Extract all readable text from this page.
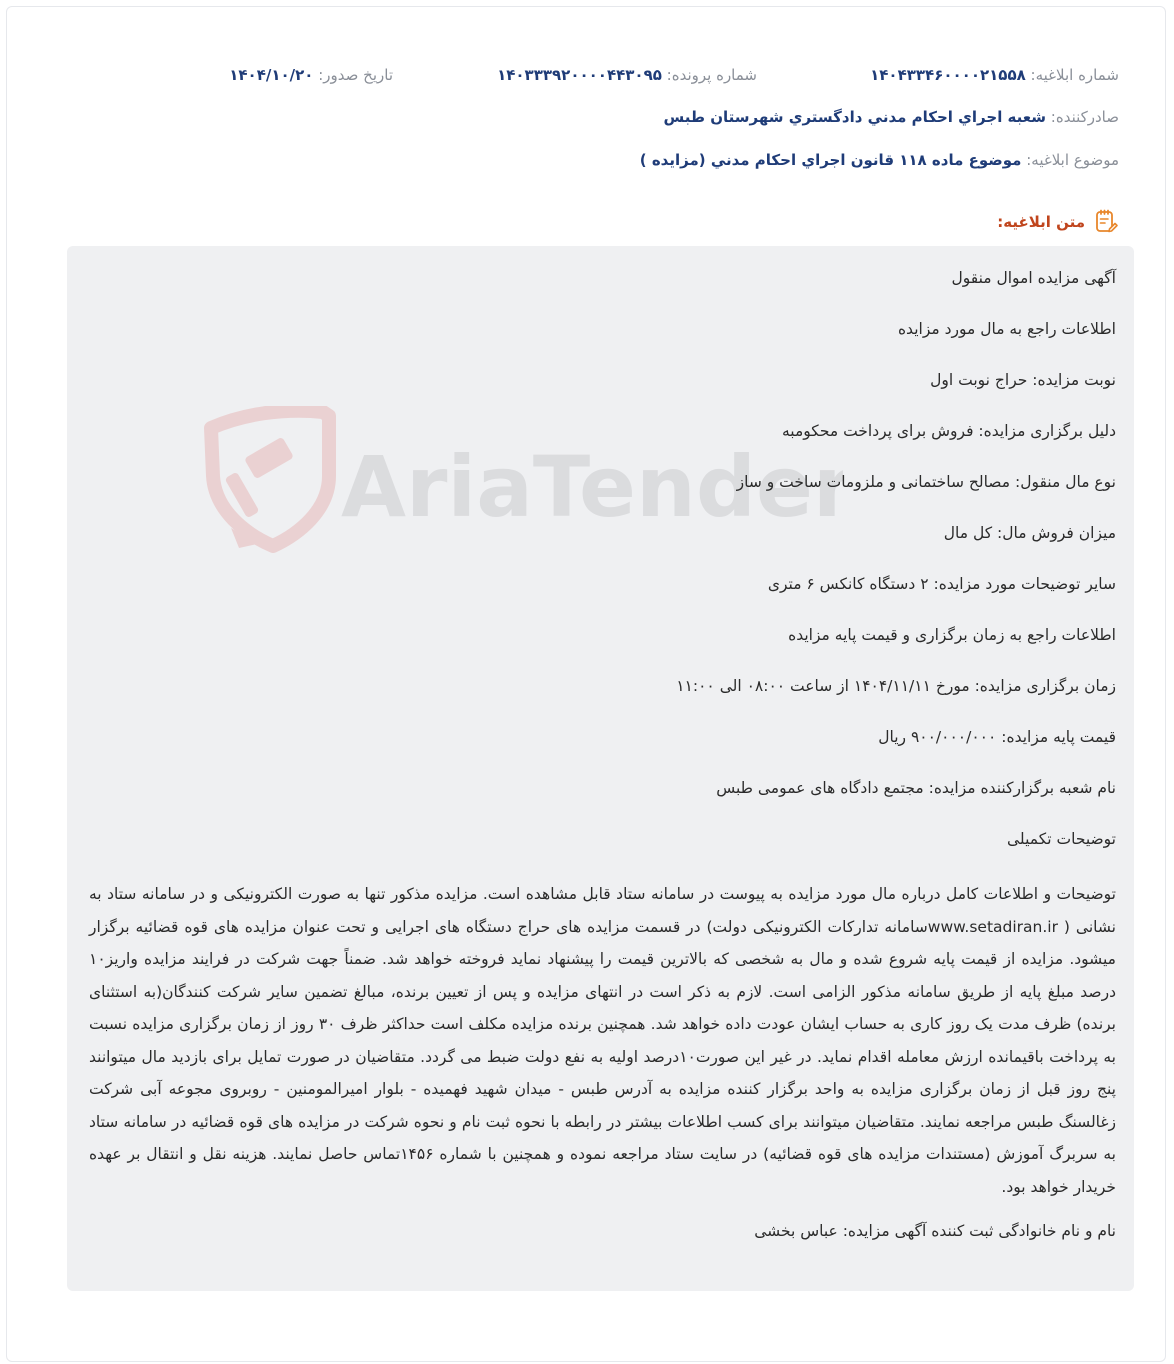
شماره ابلاغیه: ۱۴۰۴۳۳۴۶۰۰۰۰۲۱۵۵۸
شماره پرونده: ۱۴۰۳۳۳۹۲۰۰۰۰۴۴۳۰۹۵
تاریخ صدور: ۱۴۰۴/۱۰/۲۰
صادرکننده: شعبه اجراي احکام مدني دادگستري شهرستان طبس
موضوع ابلاغیه: موضوع ماده ۱۱۸ قانون اجراي احکام مدني (مزايده )
متن ابلاغیه:
AriaTender

آگهی مزایده اموال منقول

اطلاعات راجع به مال مورد مزایده

نوبت مزایده: حراج نوبت اول

دلیل برگزاری مزایده: فروش برای پرداخت محکومبه

نوع مال منقول: مصالح ساختمانی و ملزومات ساخت و ساز

میزان فروش مال: کل مال

سایر توضیحات مورد مزایده: ۲ دستگاه کانکس ۶ متری

اطلاعات راجع به زمان برگزاری و قیمت پایه مزایده

زمان برگزاری مزایده: مورخ ۱۴۰۴/۱۱/۱۱ از ساعت ۰۸:۰۰ الی ۱۱:۰۰

قیمت پایه مزایده: ۹۰۰/۰۰۰/۰۰۰ ریال

نام شعبه برگزارکننده مزایده: مجتمع دادگاه های عمومی طبس

توضیحات تکمیلی

توضیحات و اطلاعات کامل درباره مال مورد مزایده به پیوست در سامانه ستاد قابل مشاهده است. مزایده مذکور تنها به صورت الکترونیکی و در سامانه ستاد به نشانی ( www.setadiran.irسامانه تدارکات الکترونیکی دولت) در قسمت مزایده های حراج دستگاه های اجرایی و تحت عنوان مزایده های قوه قضائیه برگزار میشود. مزایده از قیمت پایه شروع شده و مال به شخصی که بالاترین قیمت را پیشنهاد نماید فروخته خواهد شد. ضمناً جهت شرکت در فرایند مزایده واریز۱۰ درصد مبلغ پایه از طریق سامانه مذکور الزامی است. لازم به ذکر است در انتهای مزایده و پس از تعیین برنده، مبالغ تضمین سایر شرکت کنندگان(به استثنای برنده) ظرف مدت یک روز کاری به حساب ایشان عودت داده خواهد شد. همچنین برنده مزایده مکلف است حداکثر ظرف ۳۰ روز از زمان برگزاری مزایده نسبت به پرداخت باقیمانده ارزش معامله اقدام نماید. در غیر این صورت۱۰درصد اولیه به نفع دولت ضبط می گردد. متقاضیان در صورت تمایل برای بازدید مال میتوانند پنج روز قبل از زمان برگزاری مزایده به واحد برگزار کننده مزایده به آدرس طبس - میدان شهید فهمیده - بلوار امیرالمومنین - روبروی مجوعه آبی شرکت زغالسنگ طبس مراجعه نمایند. متقاضیان میتوانند برای کسب اطلاعات بیشتر در رابطه با نحوه ثبت نام و نحوه شرکت در مزایده های قوه قضائیه در سامانه ستاد به سربرگ آموزش (مستندات مزایده های قوه قضائیه) در سایت ستاد مراجعه نموده و همچنین با شماره ۱۴۵۶تماس حاصل نمایند. هزینه نقل و انتقال بر عهده خریدار خواهد بود.

نام و نام خانوادگی ثبت کننده آگهی مزایده: عباس بخشی
